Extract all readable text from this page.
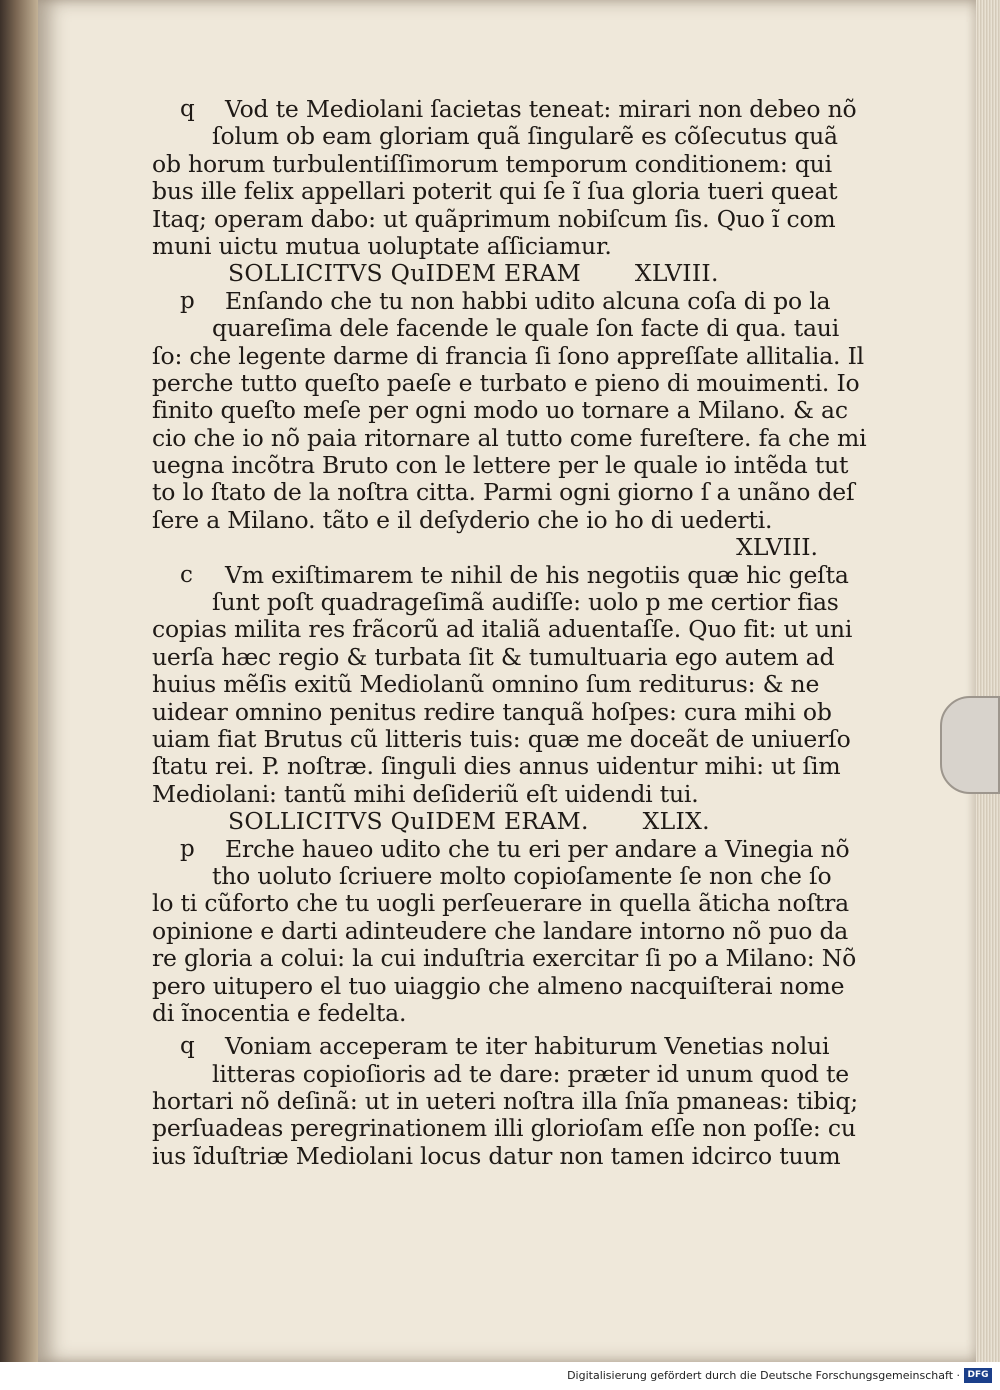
q Vod te Mediolani ſacietas teneat: mirari non debeo nõ
ſolum ob eam gloriam quã ſingularẽ es cõſecutus quã
ob horum turbulentiſſimorum temporum conditionem: qui
bus ille felix appellari poterit qui ſe ĩ ſua gloria tueri queat
Itaq; operam dabo: ut quãprimum nobiſcum ſis. Quo ĩ com
muni uictu mutua uoluptate aſſiciamur.
SOLLICITVS QuIDEM ERAM XLVIII.
p Enſando che tu non habbi udito alcuna coſa di po la
quareſima dele facende le quale ſon facte di qua. taui
ſo: che legente darme di francia ſi ſono appreſſate allitalia. Il
perche tutto queſto paeſe e turbato e pieno di mouimenti. Io
finito queſto meſe per ogni modo uo tornare a Milano. & ac
cio che io nõ paia ritornare al tutto come fureſtere. fa che mi
uegna incõtra Bruto con le lettere per le quale io intẽda tut
to lo ſtato de la noſtra citta. Parmi ogni giorno ſ a unãno deſ
ſere a Milano. tãto e il deſyderio che io ho di uederti.
XLVIII.
c Vm exiſtimarem te nihil de his negotiis quæ hic geſta
ſunt poſt quadrageſimã audiſſe: uolo p me certior fias
copias milita res frãcorũ ad italiã aduentaſſe. Quo fit: ut uni
uerſa hæc regio & turbata ſit & tumultuaria ego autem ad
huius mẽſis exitũ Mediolanũ omnino ſum rediturus: & ne
uidear omnino penitus redire tanquã hoſpes: cura mihi ob
uiam fiat Brutus cũ litteris tuis: quæ me doceãt de uniuerſo
ſtatu rei. P. noſtræ. ſinguli dies annus uidentur mihi: ut ſim
Mediolani: tantũ mihi deſideriũ eſt uidendi tui.
SOLLICITVS QuIDEM ERAM. XLIX.
p Erche haueo udito che tu eri per andare a Vinegia nõ
tho uoluto ſcriuere molto copioſamente ſe non che ſo
lo ti cũforto che tu uogli perſeuerare in quella ãticha noſtra
opinione e darti adinteudere che landare intorno nõ puo da
re gloria a colui: la cui induſtria exercitar ſi po a Milano: Nõ
pero uitupero el tuo uiaggio che almeno nacquiſterai nome
di ĩnocentia e fedelta.
q Voniam acceperam te iter habiturum Venetias nolui
litteras copioſioris ad te dare: præter id unum quod te
hortari nõ deſinã: ut in ueteri noſtra illa ſnĩa pmaneas: tibiq;
perſuadeas peregrinationem illi glorioſam eſſe non poſſe: cu
ius ĩduſtriæ Mediolani locus datur non tamen idcirco tuum
Digitalisierung gefördert durch die Deutsche Forschungsgemeinschaft · DFG
